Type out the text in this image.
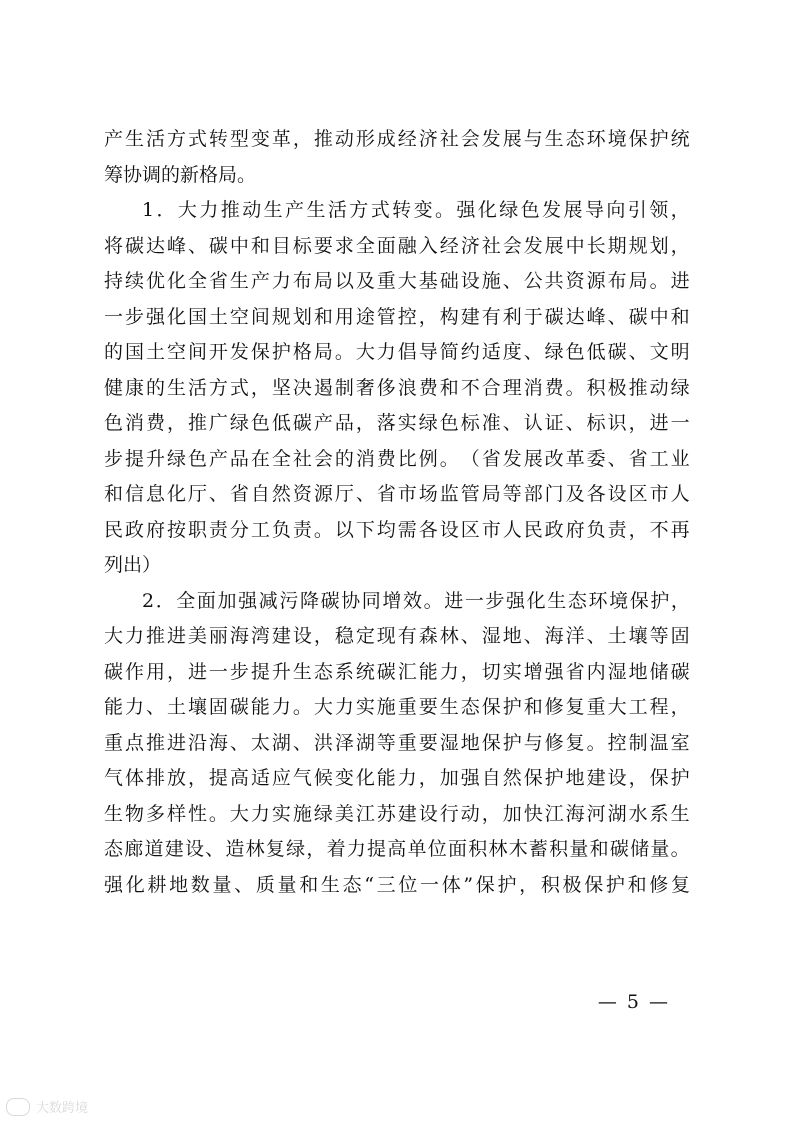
产 生 活 方 式 转 型 变 革 ， 推 动 形 成 经 济 社 会 发 展 与 生 态 环 境 保 护 统
筹协调的新格局。
1 ． 大 力 推 动 生 产 生 活 方 式 转 变 。 强 化 绿 色 发 展 导 向 引 领 ，
将 碳 达 峰 、 碳 中 和 目 标 要 求 全 面 融 入 经 济 社 会 发 展 中 长 期 规 划 ，
持 续 优 化 全 省 生 产 力 布 局 以 及 重 大 基 础 设 施 、 公 共 资 源 布 局 。 进
一 步 强 化 国 土 空 间 规 划 和 用 途 管 控 ， 构 建 有 利 于 碳 达 峰 、 碳 中 和
的 国 土 空 间 开 发 保 护 格 局 。 大 力 倡 导 简 约 适 度 、 绿 色 低 碳 、 文 明
健 康 的 生 活 方 式 ， 坚 决 遏 制 奢 侈 浪 费 和 不 合 理 消 费 。 积 极 推 动 绿
色 消 费 ， 推 广 绿 色 低 碳 产 品 ， 落 实 绿 色 标 准 、 认 证 、 标 识 ， 进 一
步 提 升 绿 色 产 品 在 全 社 会 的 消 费 比 例 。 （ 省 发 展 改 革 委 、 省 工 业
和 信 息 化 厅 、 省 自 然 资 源 厅 、 省 市 场 监 管 局 等 部 门 及 各 设 区 市 人
民 政 府 按 职 责 分 工 负 责 。 以 下 均 需 各 设 区 市 人 民 政 府 负 责 ， 不 再
列出）
2 ． 全 面 加 强 减 污 降 碳 协 同 增 效 。 进 一 步 强 化 生 态 环 境 保 护 ，
大 力 推 进 美 丽 海 湾 建 设 ， 稳 定 现 有 森 林 、 湿 地 、 海 洋 、 土 壤 等 固
碳 作 用 ， 进 一 步 提 升 生 态 系 统 碳 汇 能 力 ， 切 实 增 强 省 内 湿 地 储 碳
能 力 、 土 壤 固 碳 能 力 。 大 力 实 施 重 要 生 态 保 护 和 修 复 重 大 工 程 ，
重 点 推 进 沿 海 、 太 湖 、 洪 泽 湖 等 重 要 湿 地 保 护 与 修 复 。 控 制 温 室
气 体 排 放 ， 提 高 适 应 气 候 变 化 能 力 ， 加 强 自 然 保 护 地 建 设 ， 保 护
生 物 多 样 性 。 大 力 实 施 绿 美 江 苏 建 设 行 动 ， 加 快 江 海 河 湖 水 系 生
态 廊 道 建 设 、 造 林 复 绿 ， 着 力 提 高 单 位 面 积 林 木 蓄 积 量 和 碳 储 量 。
强 化 耕 地 数 量 、 质 量 和 生 态 “ 三 位 一 体 ” 保 护 ， 积 极 保 护 和 修 复
— 5 —
大数跨境
